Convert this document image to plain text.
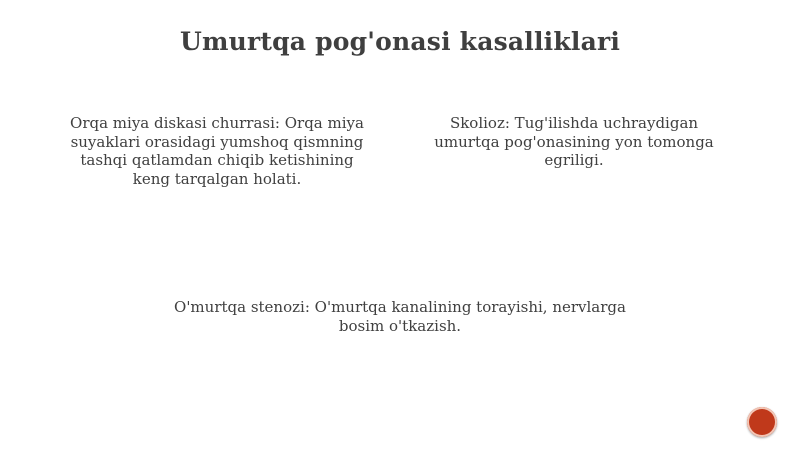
Umurtqa pog'onasi kasalliklari
Orqa miya diskasi churrasi: Orqa miya suyaklari orasidagi yumshoq qismning tashqi qatlamdan chiqib ketishining keng tarqalgan holati.
Skolioz: Tug'ilishda uchraydigan umurtqa pog'onasining yon tomonga egriligi.
O'murtqa stenozi: O'murtqa kanalining torayishi, nervlarga bosim o'tkazish.
